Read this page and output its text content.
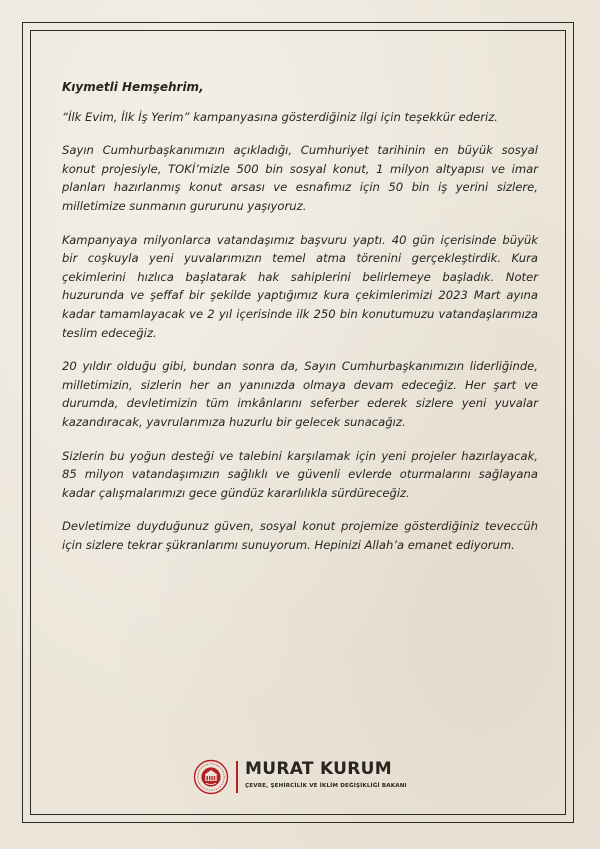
Kıymetli Hemşehrim,

“İlk Evim, İlk İş Yerim” kampanyasına gösterdiğiniz ilgi için teşekkür ederiz.

Sayın Cumhurbaşkanımızın açıkladığı, Cumhuriyet tarihinin en büyük sosyal konut projesiyle, TOKİ’mizle 500 bin sosyal konut, 1 milyon altyapısı ve imar planları hazırlanmış konut arsası ve esnafımız için 50 bin iş yerini sizlere, milletimize sunmanın gururunu yaşıyoruz.

Kampanyaya milyonlarca vatandaşımız başvuru yaptı. 40 gün içerisinde büyük bir coşkuyla yeni yuvalarımızın temel atma törenini gerçekleştirdik. Kura çekimlerini hızlıca başlatarak hak sahiplerini belirlemeye başladık. Noter huzurunda ve şeffaf bir şekilde yaptığımız kura çekimlerimizi 2023 Mart ayına kadar tamamlayacak ve 2 yıl içerisinde ilk 250 bin konutumuzu vatandaşlarımıza teslim edeceğiz.

20 yıldır olduğu gibi, bundan sonra da, Sayın Cumhurbaşkanımızın liderliğinde, milletimizin, sizlerin her an yanınızda olmaya devam edeceğiz. Her şart ve durumda, devletimizin tüm imkânlarını seferber ederek sizlere yeni yuvalar kazandıracak, yavrularımıza huzurlu bir gelecek sunacağız.

Sizlerin bu yoğun desteği ve talebini karşılamak için yeni projeler hazırlayacak, 85 milyon vatandaşımızın sağlıklı ve güvenli evlerde oturmalarını sağlayana kadar çalışmalarımızı gece gündüz kararlılıkla sürdüreceğiz.

Devletimize duyduğunuz güven, sosyal konut projemize gösterdiğiniz teveccüh için sizlere tekrar şükranlarımı sunuyorum. Hepinizi Allah’a emanet ediyorum.

MURAT KURUM
ÇEVRE, ŞEHİRCİLİK VE İKLİM DEĞİŞİKLİĞİ BAKANI
